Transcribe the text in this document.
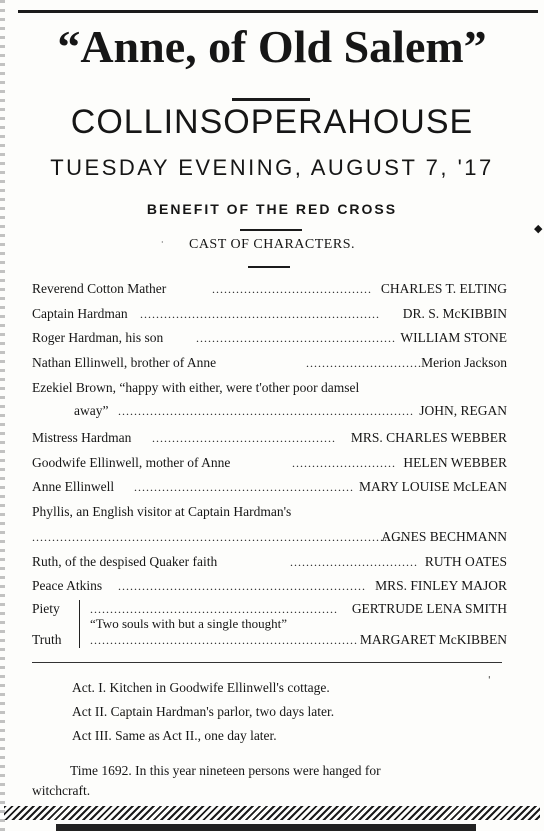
“Anne, of Old Salem”
COLLINSOPERAHOUSE
TUESDAY EVENING, AUGUST 7, '17
BENEFIT OF THE RED CROSS
CAST OF CHARACTERS.
Reverend Cotton Mather	........................................ CHARLES T. ELTING
Captain Hardman ............................................................ DR. S. McKIBBIN
Roger Hardman, his son	.................................................. WILLIAM STONE
Nathan Ellinwell, brother of Anne	............................. Merion Jackson
Ezekiel Brown, “happy with either, were t'other poor damsel
away” .......................................................................... JOHN, REGAN
Mistress Hardman .............................................. MRS. CHARLES WEBBER
Goodwife Ellinwell, mother of Anne	.......................... HELEN WEBBER
Anne Ellinwell ....................................................... MARY LOUISE McLEAN
Phyllis, an English visitor at Captain Hardman's
..............................................................................................
AGNES BECHMANN
Ruth, of the despised Quaker faith	................................ RUTH OATES
Peace Atkins .............................................................. MRS. FINLEY MAJOR
Piety	.............................................................. GERTRUDE LENA SMITH
“Two souls with but a single thought”
Truth ................................................................... MARGARET McKIBBEN
Act. I. Kitchen in Goodwife Ellinwell's cottage.
Act II. Captain Hardman's parlor, two days later.
Act III. Same as Act II., one day later.
Time 1692. In this year nineteen persons were hanged for
witchcraft.
◆
·
'
